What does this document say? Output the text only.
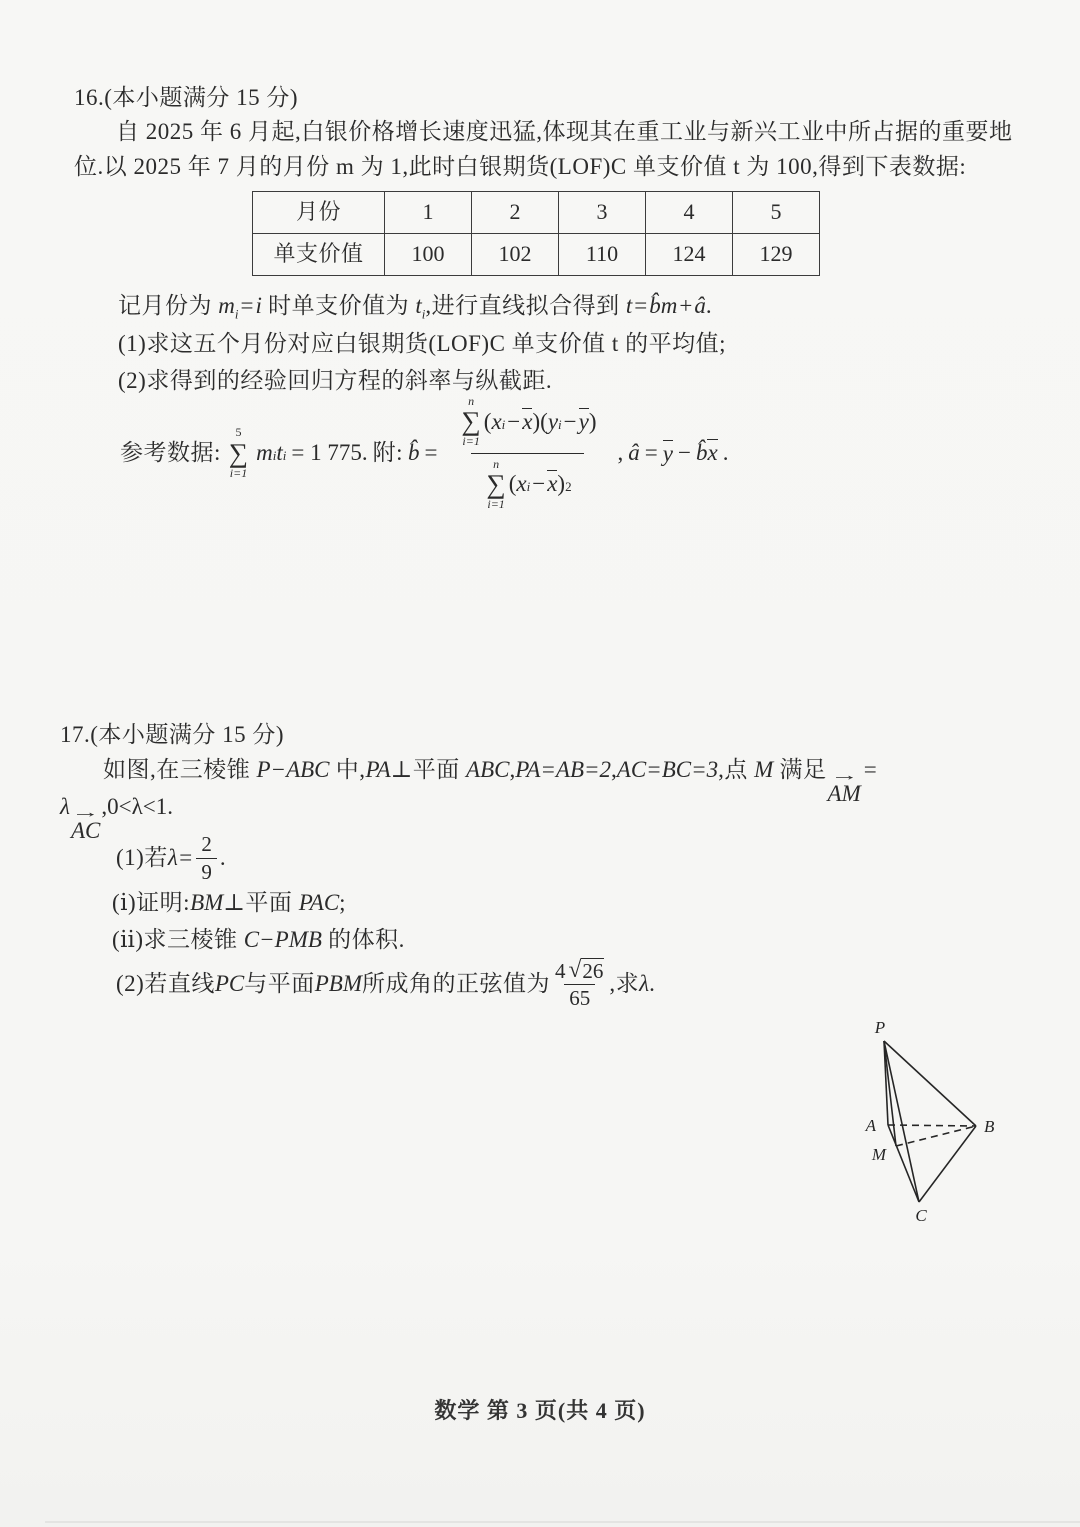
16.(本小题满分 15 分)
自 2025 年 6 月起,白银价格增长速度迅猛,体现其在重工业与新兴工业中所占据的重要地
位.以 2025 年 7 月的月份 m 为 1,此时白银期货(LOF)C 单支价值 t 为 100,得到下表数据:
月份	1	2	3	4	5
单支价值	100	102	110	124	129
记月份为 $m_i=i$ 时单支价值为 $t_i$,进行直线拟合得到 t=b̂m+â.
(1)求这五个月份对应白银期货(LOF)C 单支价值 t 的平均值;
(2)求得到的经验回归方程的斜率与纵截距.
参考数据:
5
∑
i=1
m i t i = 1 775. 附: b̂ = n
∑
i=1
( x i − x )( y i − y )
n
∑
i=1
( x i − x ) 2 , â = y − b̂ x .
17.(本小题满分 15 分)
如图,在三棱锥 P−ABC 中,PA⊥平面 ABC,PA=AB=2,AC=BC=3,点 M 满足 →
AM
=
λ →
AC
,0<λ<1.
(1)若 $\lambda= \frac{2}{9}$ .
(ⅰ)证明:BM⊥平面 PAC;
(ⅱ)求三棱锥 C−PMB 的体积.
(2)若直线 PC 与平面 PBM 所成角的正弦值为 $\frac{4 √ 26}{65}$ ,求 λ .
P
A	B
M
C
数学 第 3 页(共 4 页)
